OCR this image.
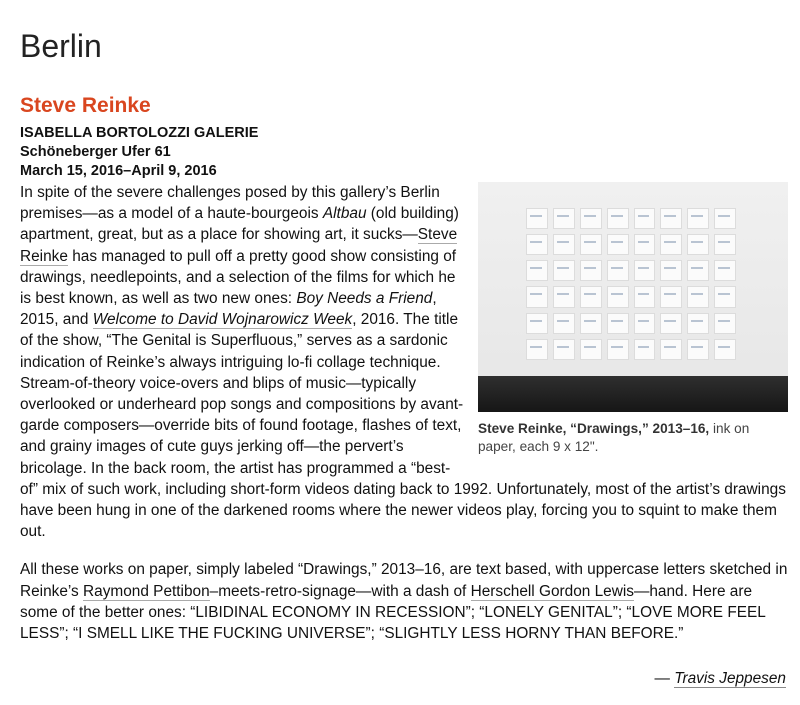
Berlin
Steve Reinke
ISABELLA BORTOLOZZI GALERIE
Schöneberger Ufer 61
March 15, 2016–April 9, 2016
Steve Reinke, “Drawings,” 2013–16, ink on paper, each 9 x 12".

In spite of the severe challenges posed by this gallery’s Berlin premises—as a model of a haute-bourgeois Altbau (old building) apartment, great, but as a place for showing art, it sucks—Steve Reinke has managed to pull off a pretty good show consisting of drawings, needlepoints, and a selection of the films for which he is best known, as well as two new ones: Boy Needs a Friend, 2015, and Welcome to David Wojnarowicz Week, 2016. The title of the show, “The Genital is Superfluous,” serves as a sardonic indication of Reinke’s always intriguing lo-fi collage technique. Stream-of-theory voice-overs and blips of music—typically overlooked or underheard pop songs and compositions by avant-garde composers—override bits of found footage, flashes of text, and grainy images of cute guys jerking off—the pervert’s bricolage. In the back room, the artist has programmed a “best-of” mix of such work, including short-form videos dating back to 1992. Unfortunately, most of the artist’s drawings have been hung in one of the darkened rooms where the newer videos play, forcing you to squint to make them out.

All these works on paper, simply labeled “Drawings,” 2013–16, are text based, with uppercase letters sketched in Reinke’s Raymond Pettibon–meets-retro-signage—with a dash of Herschell Gordon Lewis—hand. Here are some of the better ones: “LIBIDINAL ECONOMY IN RECESSION”; “LONELY GENITAL”; “LOVE MORE FEEL LESS”; “I SMELL LIKE THE FUCKING UNIVERSE”; “SLIGHTLY LESS HORNY THAN BEFORE.”

— Travis Jeppesen
